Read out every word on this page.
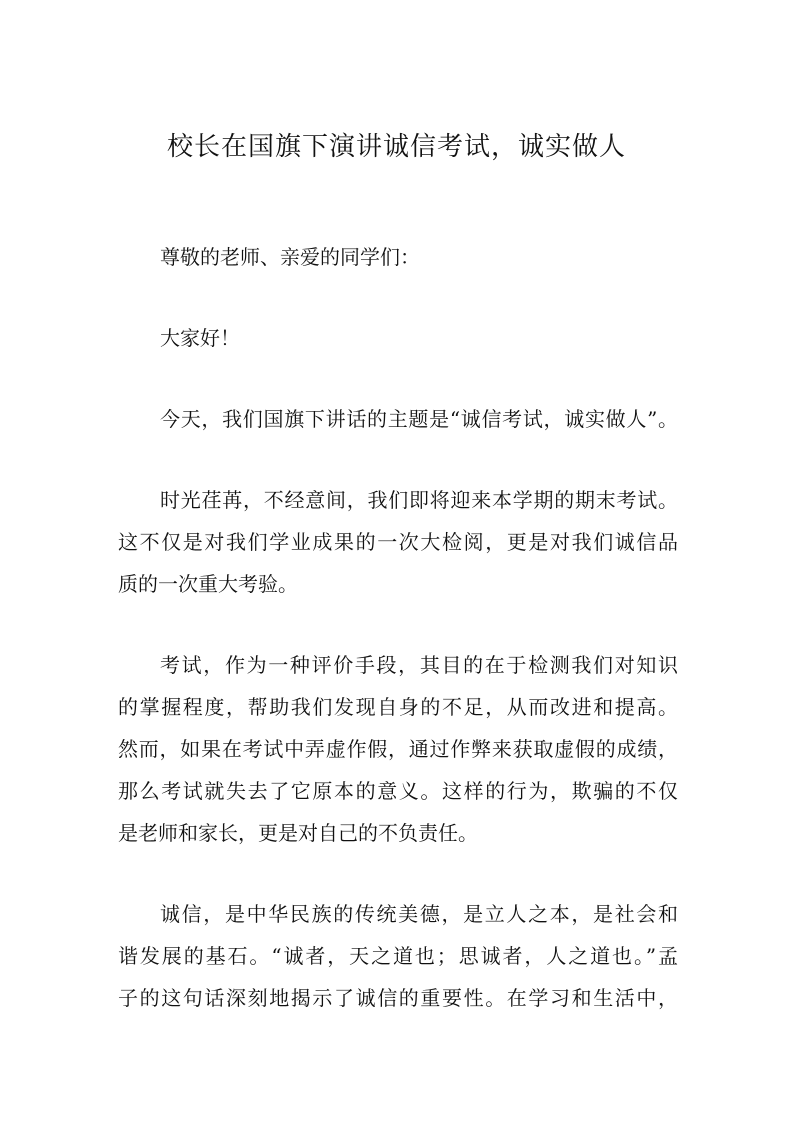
校长在国旗下演讲诚信考试，诚实做人
尊敬的老师、亲爱的同学们：
大家好！
今天，我们国旗下讲话的主题是“诚信考试，诚实做人”。
时光荏苒，不经意间，我们即将迎来本学期的期末考试。
这不仅是对我们学业成果的一次大检阅，更是对我们诚信品
质的一次重大考验。
考试，作为一种评价手段，其目的在于检测我们对知识
的掌握程度，帮助我们发现自身的不足，从而改进和提高。
然而，如果在考试中弄虚作假，通过作弊来获取虚假的成绩，
那么考试就失去了它原本的意义。这样的行为，欺骗的不仅
是老师和家长，更是对自己的不负责任。
诚信，是中华民族的传统美德，是立人之本，是社会和
谐发展的基石。“诚者，天之道也；思诚者，人之道也。”孟
子的这句话深刻地揭示了诚信的重要性。在学习和生活中，
